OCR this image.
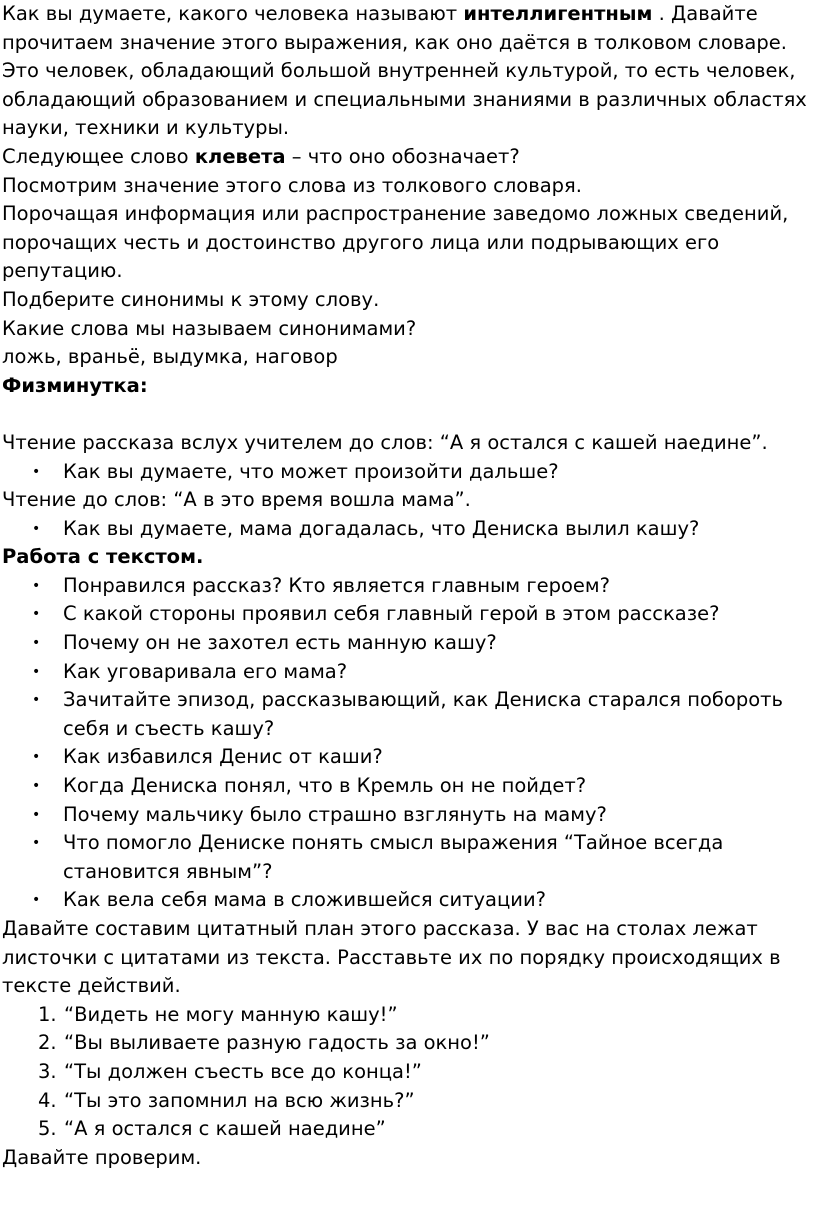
Как вы думаете, какого человека называют интеллигентным . Давайте прочитаем значение этого выражения, как оно даётся в толковом словаре. Это человек, обладающий большой внутренней культурой, то есть человек, обладающий образованием и специальными знаниями в различных областях науки, техники и культуры.

Следующее слово клевета – что оно обозначает?

Посмотрим значение этого слова из толкового словаря.

Порочащая информация или распространение заведомо ложных сведений, порочащих честь и достоинство другого лица или подрывающих его репутацию.

Подберите синонимы к этому слову.

Какие слова мы называем синонимами?

ложь, враньё, выдумка, наговор

Физминутка:

Чтение рассказа вслух учителем до слов: “А я остался с кашей наедине”.

• Как вы думаете, что может произойти дальше?

Чтение до слов: “А в это время вошла мама”.

• Как вы думаете, мама догадалась, что Дениска вылил кашу?

Работа с текстом.

• Понравился рассказ? Кто является главным героем?
• С какой стороны проявил себя главный герой в этом рассказе?
• Почему он не захотел есть манную кашу?
• Как уговаривала его мама?
• Зачитайте эпизод, рассказывающий, как Дениска старался побороть себя и съесть кашу?
• Как избавился Денис от каши?
• Когда Дениска понял, что в Кремль он не пойдет?
• Почему мальчику было страшно взглянуть на маму?
• Что помогло Дениске понять смысл выражения “Тайное всегда становится явным”?
• Как вела себя мама в сложившейся ситуации?

Давайте составим цитатный план этого рассказа. У вас на столах лежат листочки с цитатами из текста. Расставьте их по порядку происходящих в тексте действий.

1. “Видеть не могу манную кашу!”
2. “Вы выливаете разную гадость за окно!”
3. “Ты должен съесть все до конца!”
4. “Ты это запомнил на всю жизнь?”
5. “А я остался с кашей наедине”

Давайте проверим.
